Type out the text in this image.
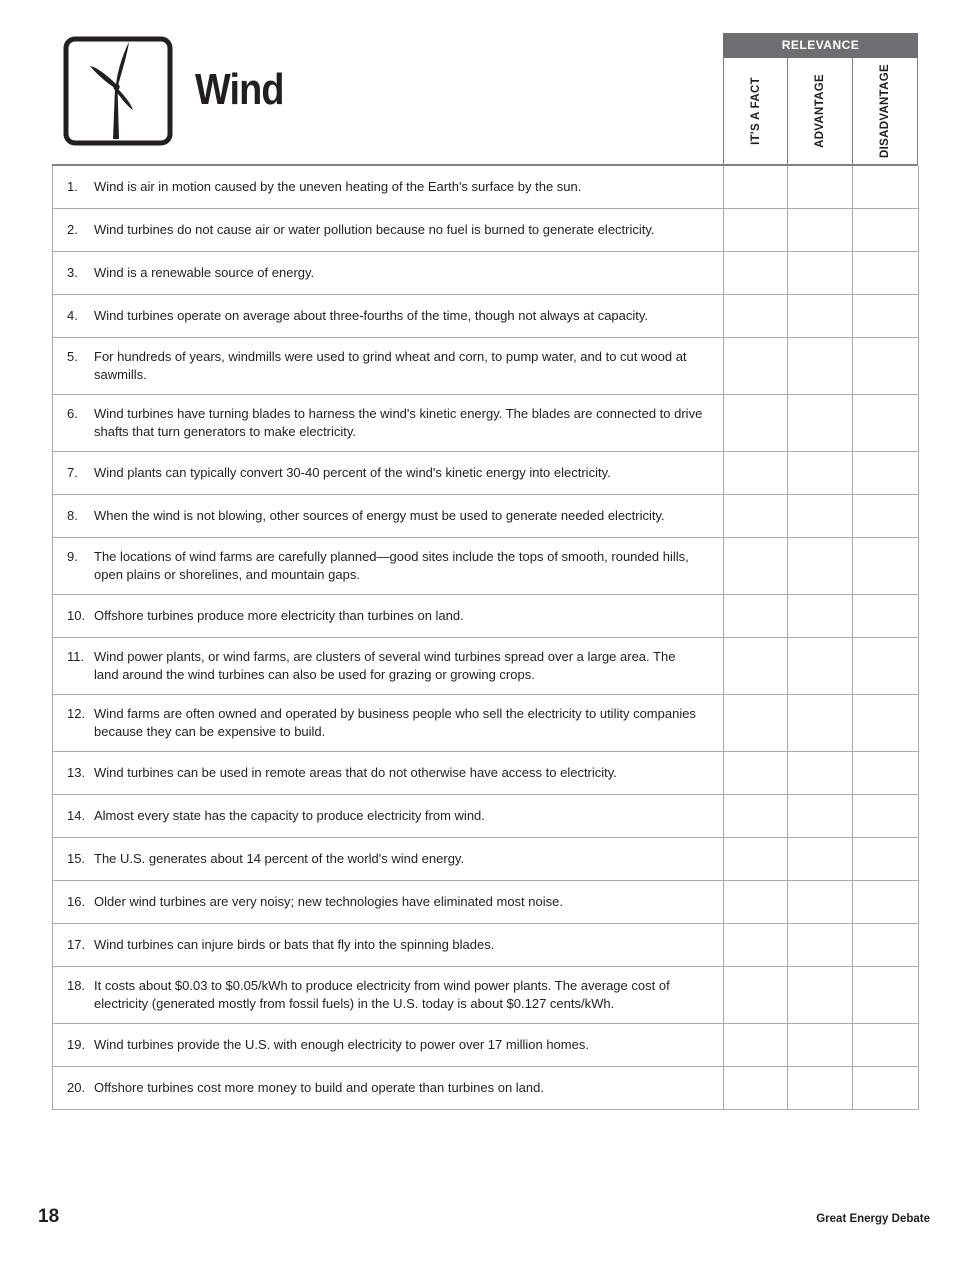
Wind
RELEVANCE
IT'S A FACT	ADVANTAGE	DISADVANTAGE
1. Wind is air in motion caused by the uneven heating of the Earth's surface by the sun.			

2. Wind turbines do not cause air or water pollution because no fuel is burned to generate electricity.			

3. Wind is a renewable source of energy.			

4. Wind turbines operate on average about three-fourths of the time, though not always at capacity.			

5. For hundreds of years, windmills were used to grind wheat and corn, to pump water, and to cut wood at sawmills.			

6. Wind turbines have turning blades to harness the wind's kinetic energy. The blades are connected to drive shafts that turn generators to make electricity.			

7. Wind plants can typically convert 30-40 percent of the wind's kinetic energy into electricity.			

8. When the wind is not blowing, other sources of energy must be used to generate needed electricity.			

9. The locations of wind farms are carefully planned—good sites include the tops of smooth, rounded hills, open plains or shorelines, and mountain gaps.			

10. Offshore turbines produce more electricity than turbines on land.			

11. Wind power plants, or wind farms, are clusters of several wind turbines spread over a large area. The land around the wind turbines can also be used for grazing or growing crops.			

12. Wind farms are often owned and operated by business people who sell the electricity to utility companies because they can be expensive to build.			

13. Wind turbines can be used in remote areas that do not otherwise have access to electricity.			

14. Almost every state has the capacity to produce electricity from wind.			

15. The U.S. generates about 14 percent of the world's wind energy.			

16. Older wind turbines are very noisy; new technologies have eliminated most noise.			

17. Wind turbines can injure birds or bats that fly into the spinning blades.			

18. It costs about $0.03 to $0.05/kWh to produce electricity from wind power plants. The average cost of electricity (generated mostly from fossil fuels) in the U.S. today is about $0.127 cents/kWh.			

19. Wind turbines provide the U.S. with enough electricity to power over 17 million homes.			

20. Offshore turbines cost more money to build and operate than turbines on land.			

18	Great Energy Debate
